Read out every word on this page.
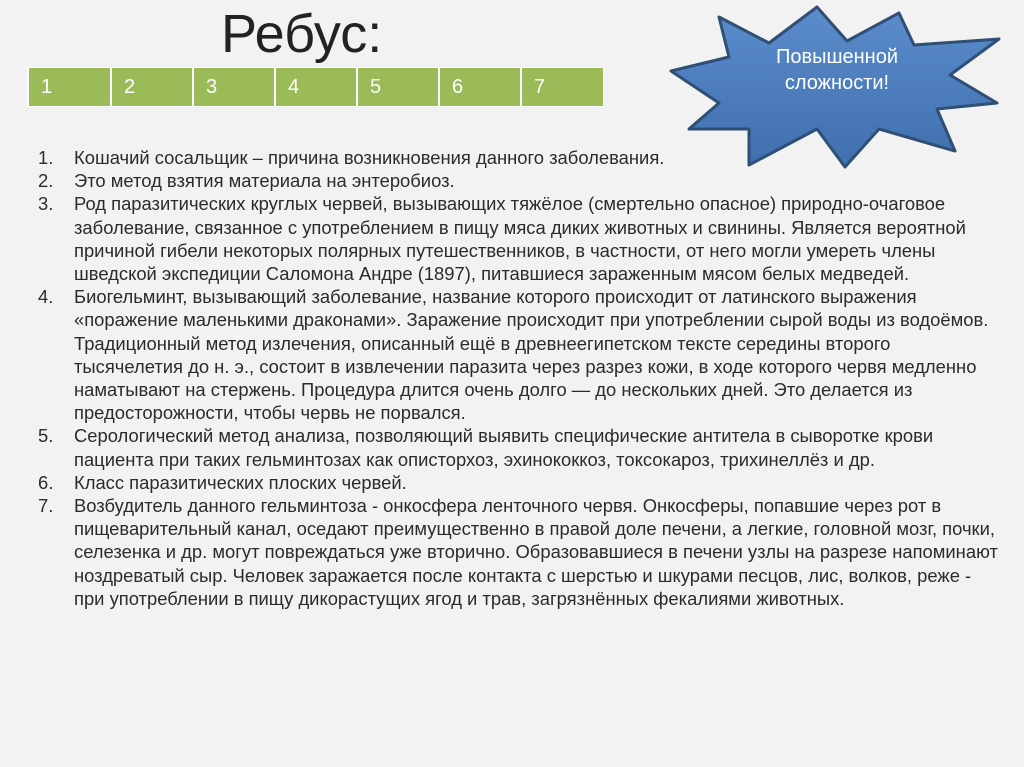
Ребус:
1	2	3	4	5	6	7
Повышенной сложности!
1. Кошачий сосальщик – причина возникновения данного заболевания.
2. Это метод взятия материала на энтеробиоз.
3. Род паразитических круглых червей, вызывающих тяжёлое (смертельно опасное) природно-очаговое заболевание, связанное с употреблением в пищу мяса диких животных и свинины. Является вероятной причиной гибели некоторых полярных путешественников, в частности, от него могли умереть члены шведской экспедиции Саломона Андре (1897), питавшиеся зараженным мясом белых медведей.
4. Биогельминт, вызывающий заболевание, название которого происходит от латинского выражения «поражение маленькими драконами». Заражение происходит при употреблении сырой воды из водоёмов. Традиционный метод излечения, описанный ещё в древнеегипетском тексте середины второго тысячелетия до н. э., состоит в извлечении паразита через разрез кожи, в ходе которого червя медленно наматывают на стержень. Процедура длится очень долго — до нескольких дней. Это делается из предосторожности, чтобы червь не порвался.
5. Серологический метод анализа, позволяющий выявить специфические антитела в сыворотке крови пациента при таких гельминтозах как описторхоз, эхинококкоз, токсокароз, трихинеллёз и др.
6. Класс паразитических плоских червей.
7. Возбудитель данного гельминтоза - онкосфера ленточного червя. Онкосферы, попавшие через рот в пищеварительный канал, оседают преимущественно в правой доле печени, а легкие, головной мозг, почки, селезенка и др. могут повреждаться уже вторично. Образовавшиеся в печени узлы на разрезе напоминают ноздреватый сыр. Человек заражается после контакта с шерстью и шкурами песцов, лис, волков, реже - при употреблении в пищу дикорастущих ягод и трав, загрязнённых фекалиями животных.
